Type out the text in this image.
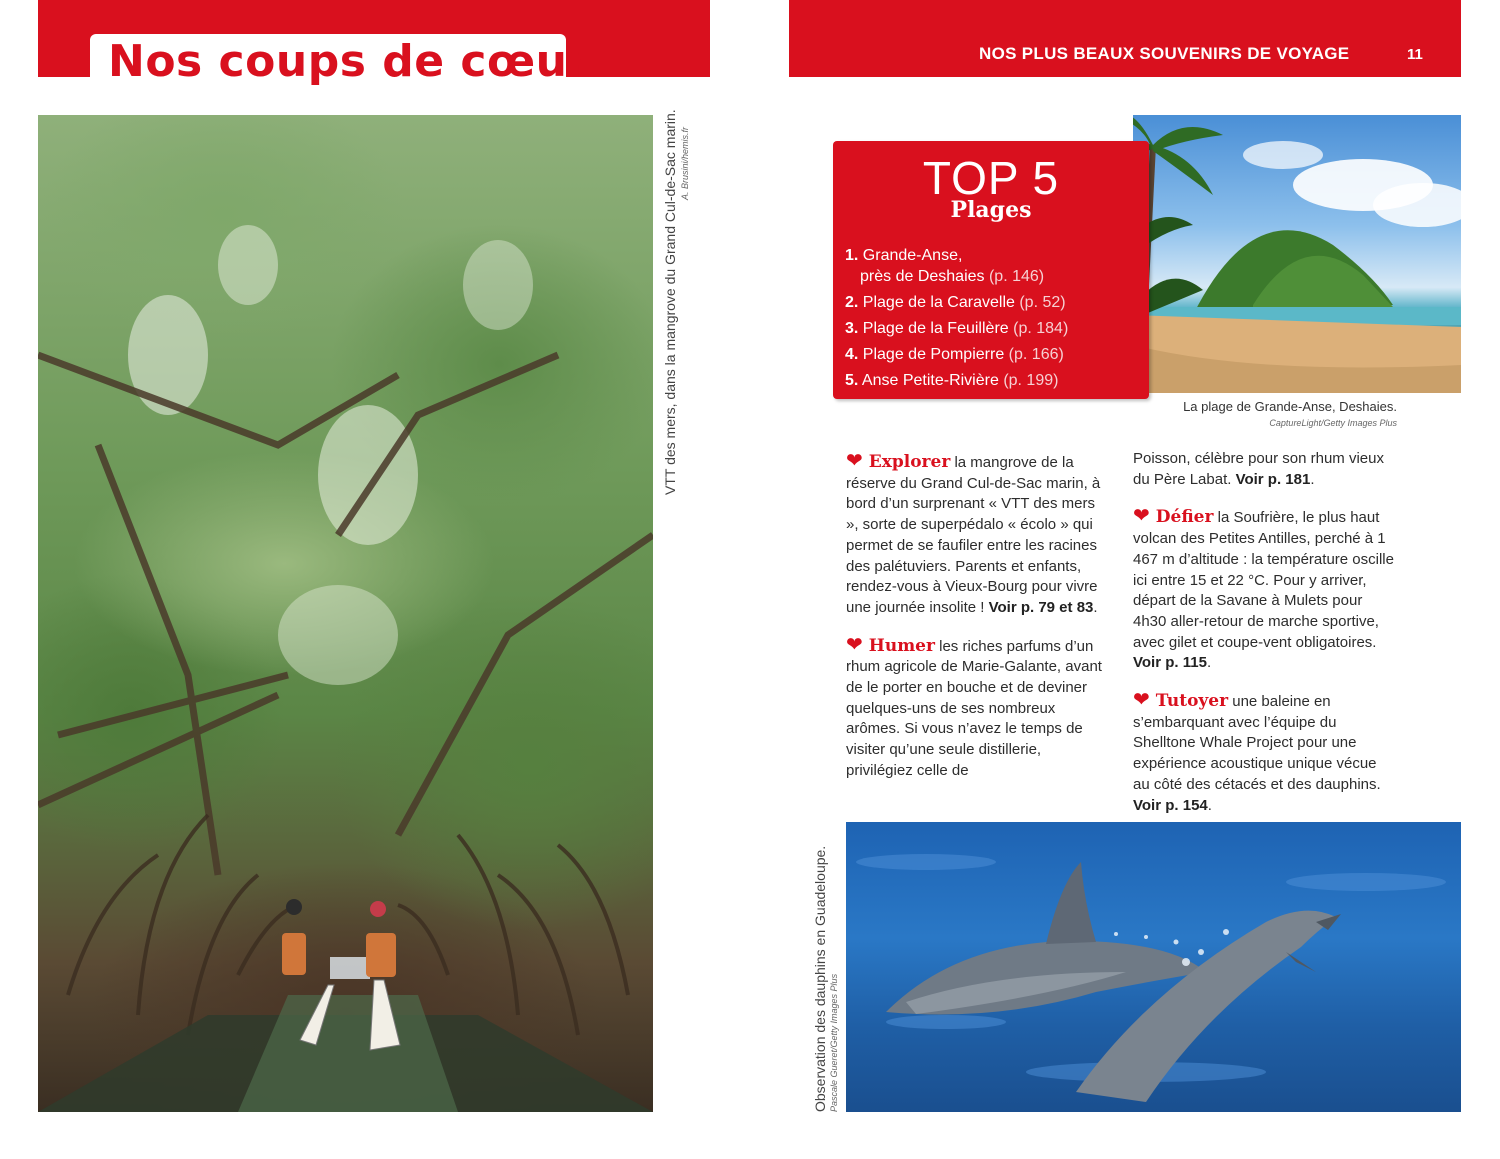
Nos coups de cœur
VTT des mers, dans la mangrove du Grand Cul-de-Sac marin. A. Brusini/hemis.fr
NOS PLUS BEAUX SOUVENIRS DE VOYAGE	11
TOP 5
Plages
1. Grande-Anse,
près de Deshaies (p. 146)
2. Plage de la Caravelle (p. 52)
3. Plage de la Feuillère (p. 184)
4. Plage de Pompierre (p. 166)
5. Anse Petite-Rivière (p. 199)
La plage de Grande-Anse, Deshaies.
CaptureLight/Getty Images Plus

❤ Explorer la mangrove de la réserve du Grand Cul-de-Sac marin, à bord d’un surprenant « VTT des mers », sorte de superpédalo « écolo » qui permet de se faufiler entre les racines des palétuviers. Parents et enfants, rendez-vous à Vieux-Bourg pour vivre une journée insolite ! Voir p. 79 et 83.

❤ Humer les riches parfums d’un rhum agricole de Marie-Galante, avant de le porter en bouche et de deviner quelques-uns de ses nombreux arômes. Si vous n’avez le temps de visiter qu’une seule distillerie, privilégiez celle de

Poisson, célèbre pour son rhum vieux du Père Labat. Voir p. 181.

❤ Défier la Soufrière, le plus haut volcan des Petites Antilles, perché à 1 467 m d’altitude : la température oscille ici entre 15 et 22 °C. Pour y arriver, départ de la Savane à Mulets pour 4h30 aller-retour de marche sportive, avec gilet et coupe-vent obligatoires. Voir p. 115.

❤ Tutoyer une baleine en s’embarquant avec l’équipe du Shelltone Whale Project pour une expérience acoustique unique vécue au côté des cétacés et des dauphins. Voir p. 154.

Observation des dauphins en Guadeloupe. Pascale Gueret/Getty Images Plus
